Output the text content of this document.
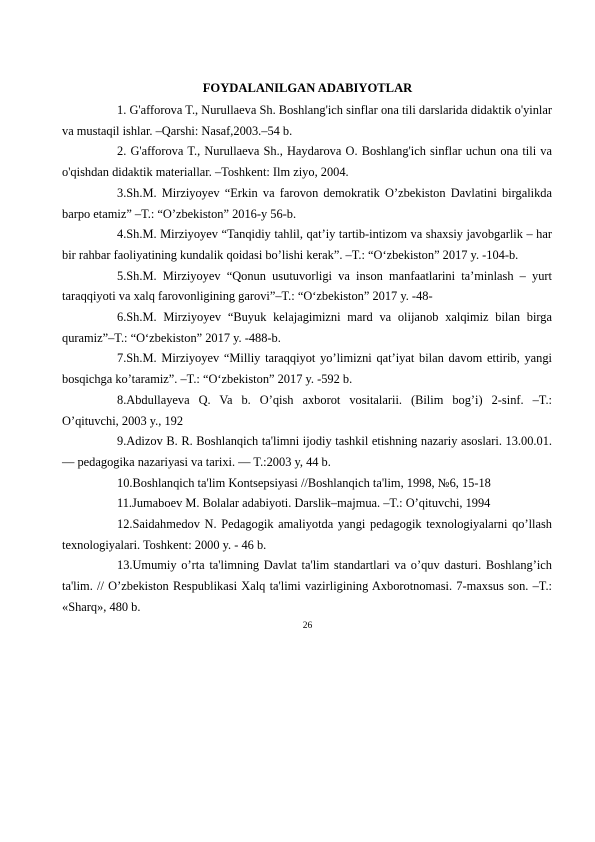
FOYDALANILGAN ADABIYOTLAR

1. G'afforova T., Nurullaeva Sh. Boshlang'ich sinflar ona tili darslarida didaktik o'yinlar va mustaqil ishlar. –Qarshi: Nasaf,2003.–54 b.

2. G'afforova T., Nurullaeva Sh., Haydarova O. Boshlang'ich sinflar uchun ona tili va o'qishdan didaktik materiallar. –Toshkent: Ilm ziyo, 2004.

3.Sh.M. Mirziyoyev “Erkin va farovon demokratik O’zbekiston Davlatini birgalikda barpo etamiz” –T.: “O’zbekiston” 2016-y 56-b.

4.Sh.M. Mirziyoyev “Tanqidiy tahlil, qat’iy tartib-intizom va shaxsiy javobgarlik – har bir rahbar faoliyatining kundalik qoidasi bo’lishi kerak”. –T.: “O‘zbekiston” 2017 y. -104-b.

5.Sh.M. Mirziyoyev “Qonun usutuvorligi va inson manfaatlarini ta’minlash – yurt taraqqiyoti va xalq farovonligining garovi”–T.: “O‘zbekiston” 2017 y. -48-

6.Sh.M. Mirziyoyev “Buyuk kelajagimizni mard va olijanob xalqimiz bilan birga quramiz”–T.: “O‘zbekiston” 2017 y. -488-b.

7.Sh.M. Mirziyoyev “Milliy taraqqiyot yo’limizni qat’iyat bilan davom ettirib, yangi bosqichga ko’taramiz”. –T.: “O‘zbekiston” 2017 y. -592 b.

8.Abdullayeva Q. Va b. O’qish axborot vositalarii. (Bilim bog’i) 2-sinf. –T.: O’qituvchi, 2003 y., 192

9.Adizov B. R. Boshlanqich ta'limni ijodiy tashkil etishning nazariy asoslari. 13.00.01. — pedagogika nazariyasi va tarixi. — T.:2003 y, 44 b.

10.Boshlanqich ta'lim Kontsepsiyasi //Boshlanqich ta'lim, 1998, №6, 15-18

11.Jumaboev M. Bolalar adabiyoti. Darslik–majmua. –T.: O’qituvchi, 1994

12.Saidahmedov N. Pedagogik amaliyotda yangi pedagogik texnologiyalarni qo’llash texnologiyalari. Toshkent: 2000 y. - 46 b.

13.Umumiy o’rta ta'limning Davlat ta'lim standartlari va o’quv dasturi. Boshlang’ich ta'lim. // O’zbekiston Respublikasi Xalq ta'limi vazirligining Axborotnomasi. 7-maxsus son. –T.: «Sharq», 480 b.

26
